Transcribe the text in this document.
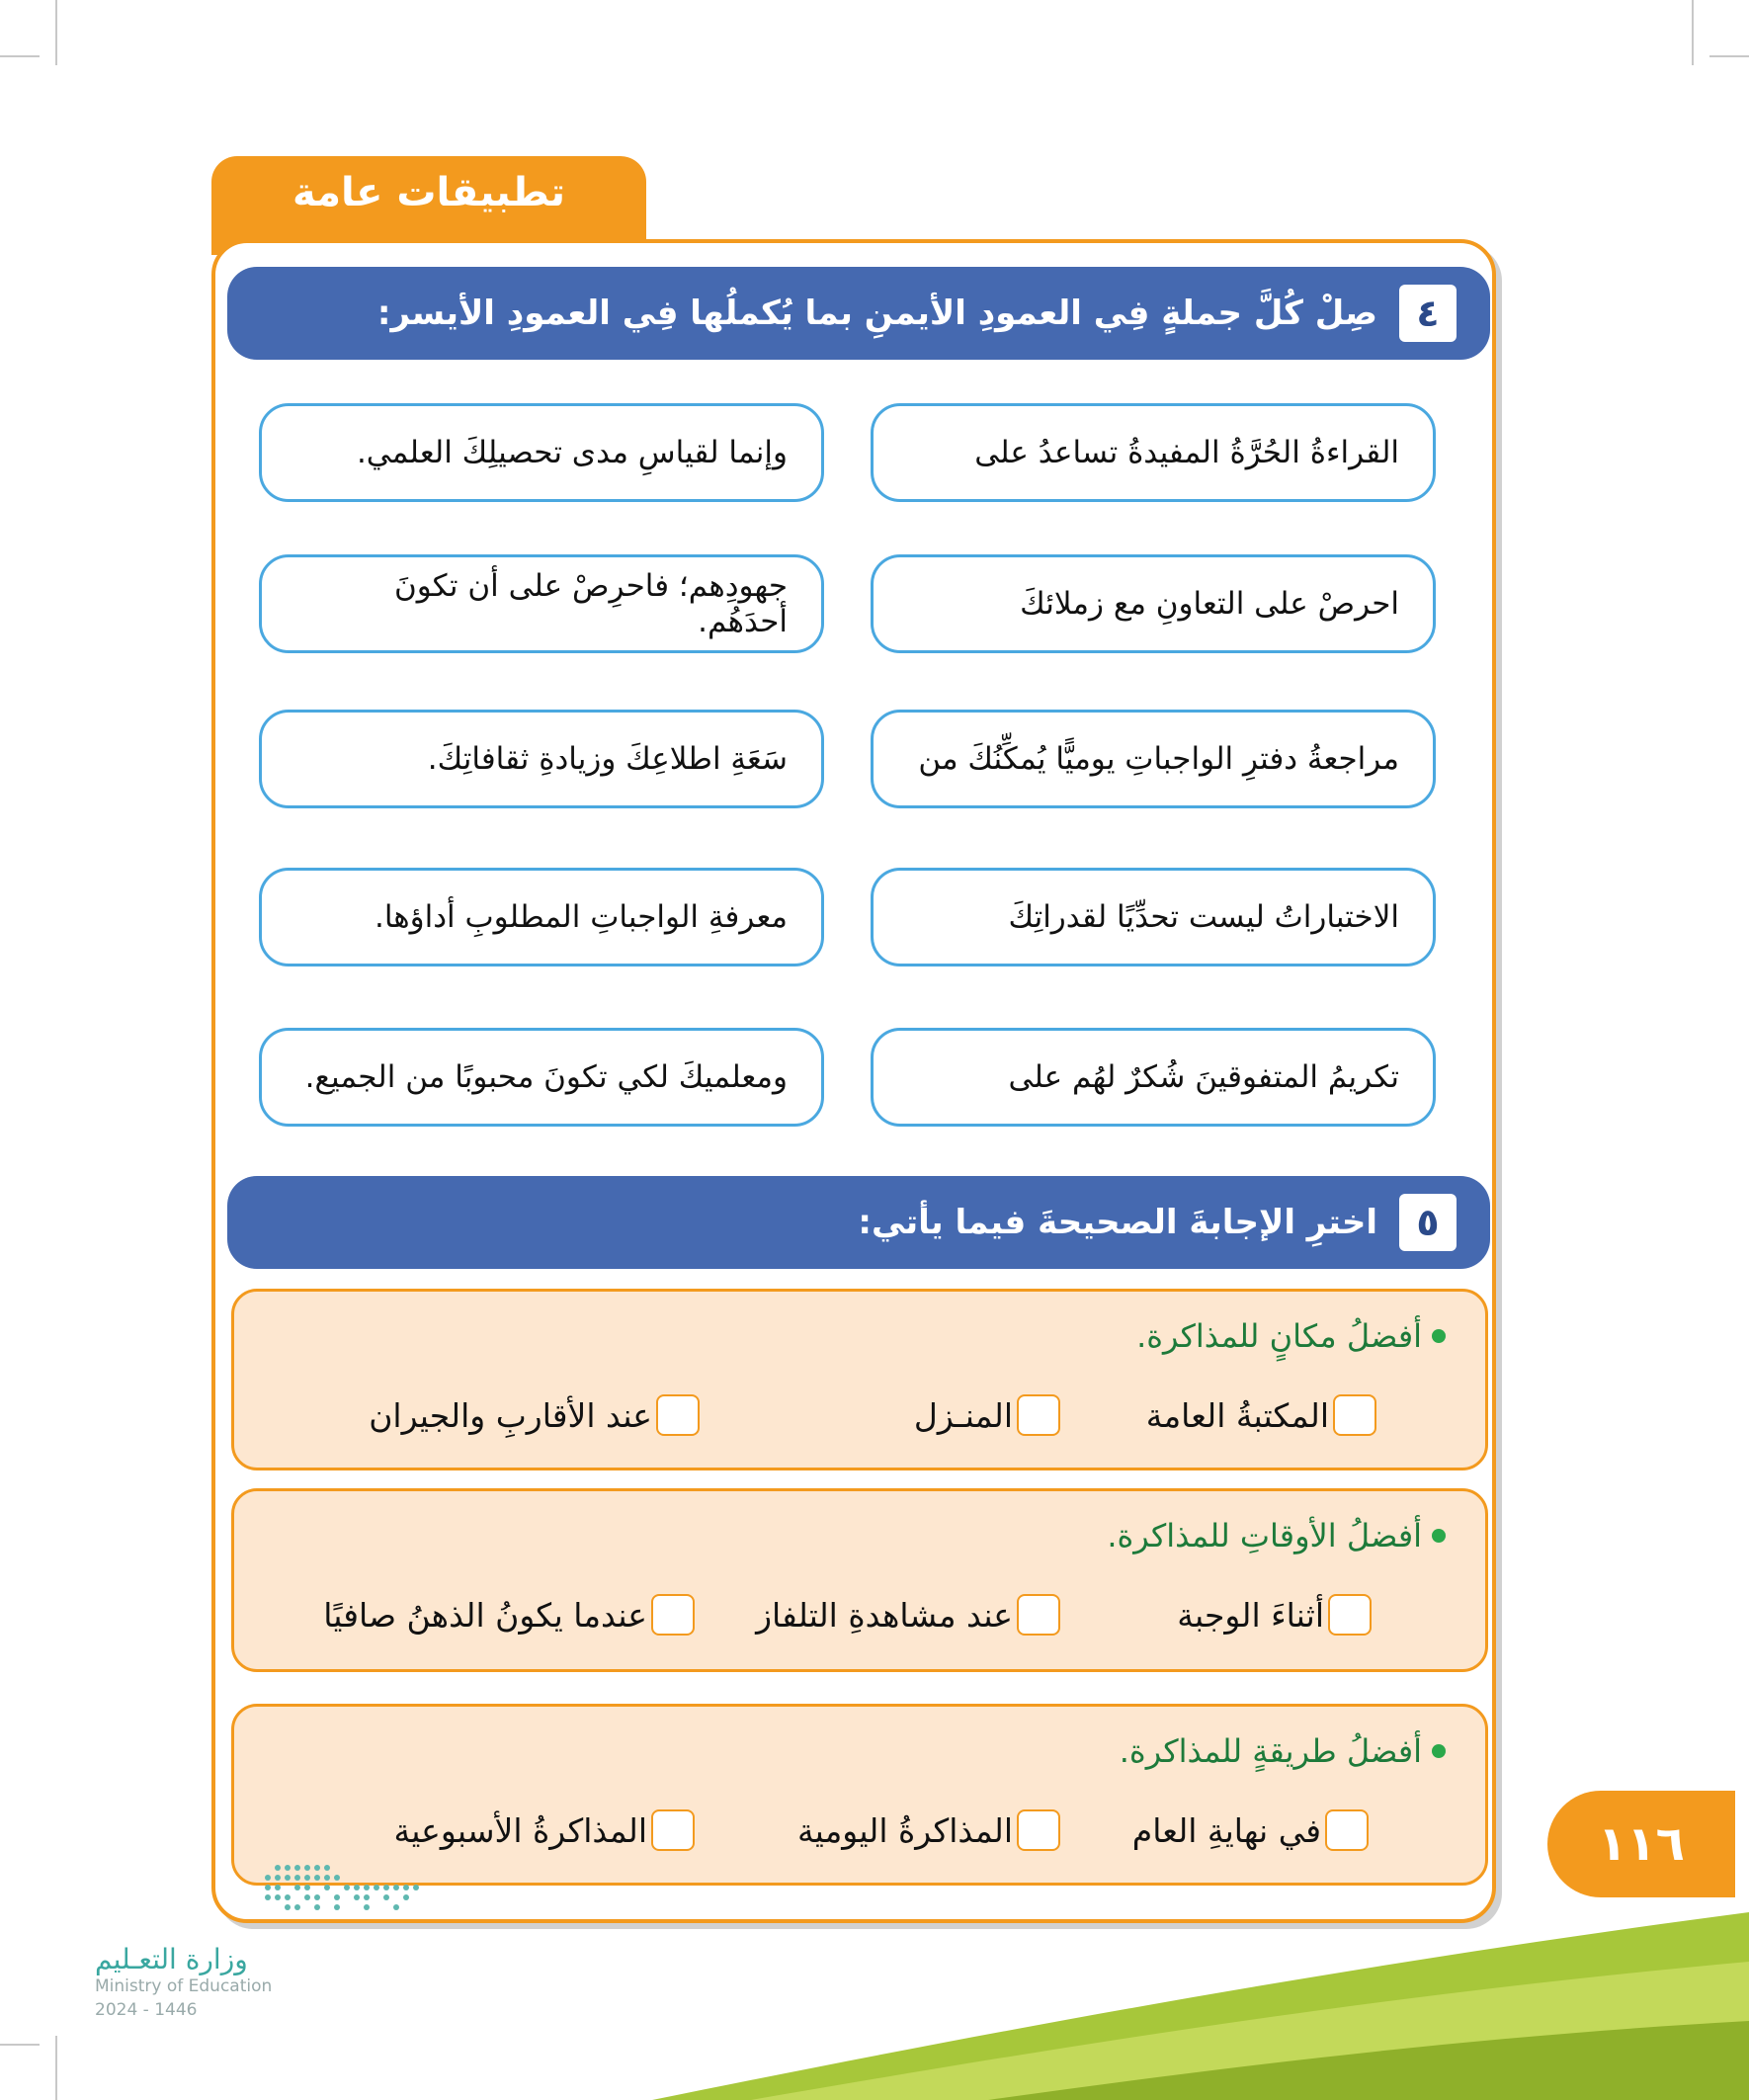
تطبيقات عامة
٤
صِلْ كُلَّ جملةٍ فِي العمودِ الأيمنِ بما يُكملُها فِي العمودِ الأيسر:
القراءةُ الحُرَّةُ المفيدةُ تساعدُ على
احرصْ على التعاونِ مع زملائكَ
مراجعةُ دفترِ الواجباتِ يوميًّا يُمكِّنُكَ من
الاختباراتُ ليست تحدِّيًا لقدراتِكَ
تكريمُ المتفوقينَ شُكرٌ لهُم على
وإنما لقياسِ مدى تحصيلِكَ العلمي.
جهودِهم؛ فاحرِصْ على أن تكونَ أحدَهُم.
سَعَةِ اطلاعِكَ وزيادةِ ثقافاتِكَ.
معرفةِ الواجباتِ المطلوبِ أداؤها.
ومعلميكَ لكي تكونَ محبوبًا من الجميع.
٥
اخترِ الإجابةَ الصحيحةَ فيما يأتي:
أفضلُ مكانٍ للمذاكرة.
المكتبةُ العامة
المنـزل
عند الأقاربِ والجيران
أفضلُ الأوقاتِ للمذاكرة.
أثناءَ الوجبة
عند مشاهدةِ التلفاز
عندما يكونُ الذهنُ صافيًا
أفضلُ طريقةٍ للمذاكرة.
في نهايةِ العام
المذاكرةُ اليومية
المذاكرةُ الأسبوعية	١١٦
وزارة التعـليم
Ministry of Education
2024 - 1446
